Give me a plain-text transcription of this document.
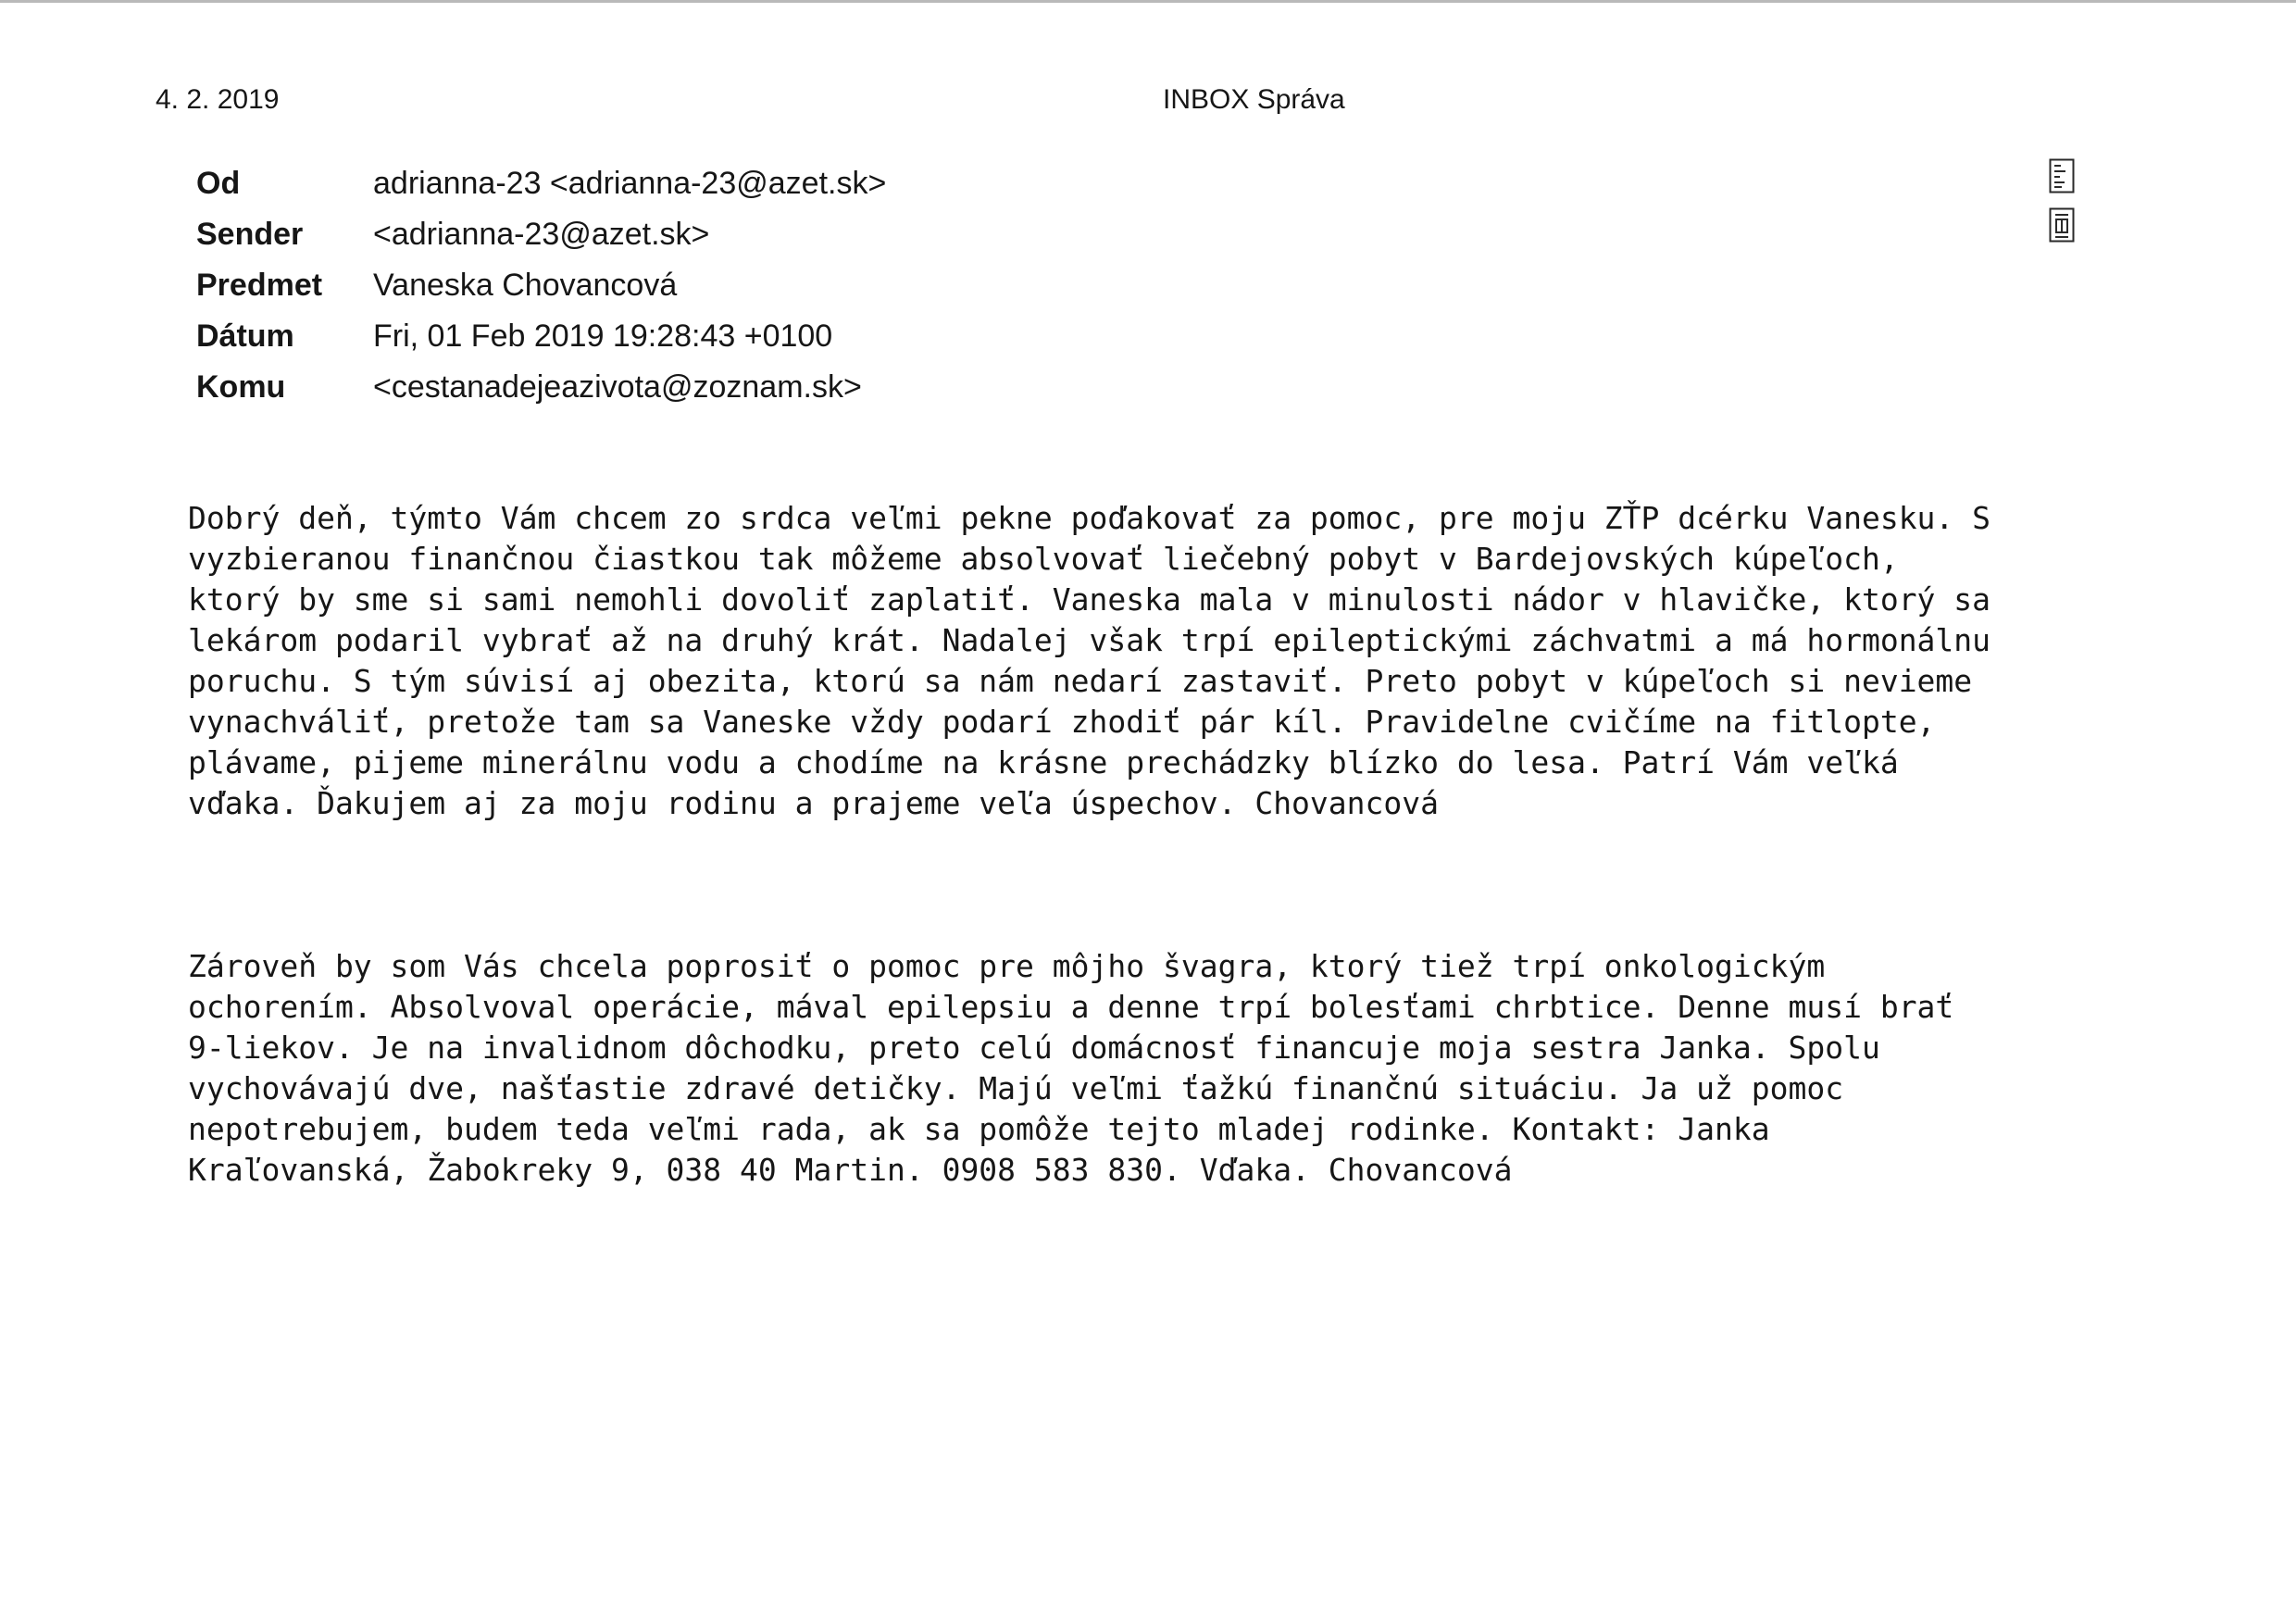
4. 2. 2019	INBOX Správa
Od	adrianna-23 <adrianna-23@azet.sk>
Sender	<adrianna-23@azet.sk>
Predmet	Vaneska Chovancová
Dátum	Fri, 01 Feb 2019 19:28:43 +0100
Komu	<cestanadejeazivota@zoznam.sk>

Dobrý deň, týmto Vám chcem zo srdca veľmi pekne poďakovať za pomoc, pre moju ZŤP dcérku Vanesku. S
vyzbieranou finančnou čiastkou tak môžeme absolvovať liečebný pobyt v Bardejovských kúpeľoch,
ktorý by sme si sami nemohli dovoliť zaplatiť. Vaneska mala v minulosti nádor v hlavičke, ktorý sa
lekárom podaril vybrať až na druhý krát. Nadalej však trpí epileptickými záchvatmi a má hormonálnu
poruchu. S tým súvisí aj obezita, ktorú sa nám nedarí zastaviť. Preto pobyt v kúpeľoch si nevieme
vynachváliť, pretože tam sa Vaneske vždy podarí zhodiť pár kíl. Pravidelne cvičíme na fitlopte,
plávame, pijeme minerálnu vodu a chodíme na krásne prechádzky blízko do lesa. Patrí Vám veľká
vďaka. Ďakujem aj za moju rodinu a prajeme veľa úspechov. Chovancová

Zároveň by som Vás chcela poprosiť o pomoc pre môjho švagra, ktorý tiež trpí onkologickým
ochorením. Absolvoval operácie, mával epilepsiu a denne trpí bolesťami chrbtice. Denne musí brať
9-liekov. Je na invalidnom dôchodku, preto celú domácnosť financuje moja sestra Janka. Spolu
vychovávajú dve, našťastie zdravé detičky. Majú veľmi ťažkú finančnú situáciu. Ja už pomoc
nepotrebujem, budem teda veľmi rada, ak sa pomôže tejto mladej rodinke. Kontakt: Janka
Kraľovanská, Žabokreky 9, 038 40 Martin. 0908 583 830. Vďaka. Chovancová
